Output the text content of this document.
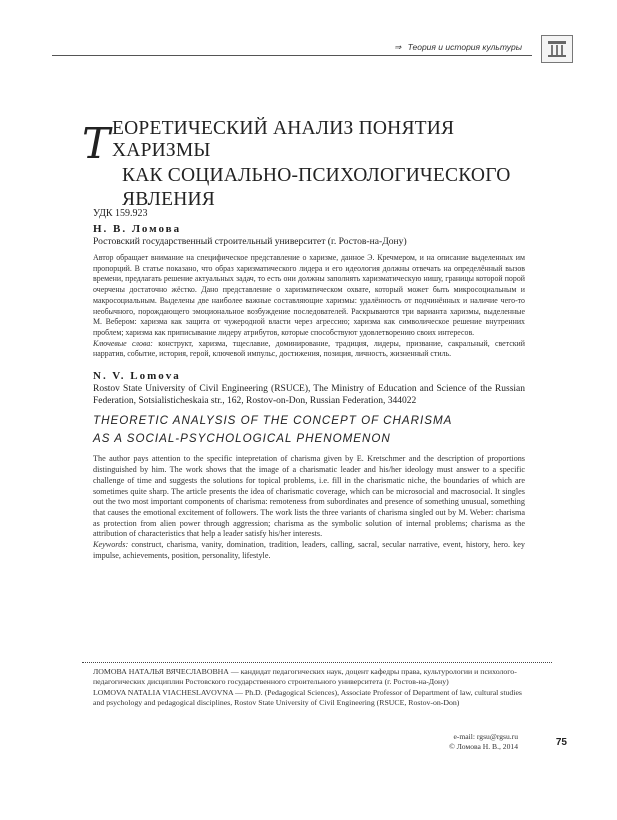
⇒ Теория и история культуры
Т ЕОРЕТИЧЕСКИЙ АНАЛИЗ ПОНЯТИЯ ХАРИЗМЫ
КАК СОЦИАЛЬНО-ПСИХОЛОГИЧЕСКОГО ЯВЛЕНИЯ
УДК 159.923
Н. В. Ломова
Ростовский государственный строительный университет (г. Ростов-на-Дону)
Автор обращает внимание на специфическое представление о харизме, данное Э. Кречмером, и на описание выделенных им пропорций. В статье показано, что образ харизматического лидера и его идеология должны отвечать на определённый вызов времени, предлагать решение актуальных задач, то есть они должны заполнять харизматическую нишу, границы которой порой очерчены достаточно жёстко. Дано представление о харизматическом охвате, который может быть микросоциальным и макросоциальным. Выделены две наиболее важные составляющие харизмы: удалённость от подчинённых и наличие чего-то необычного, порождающего эмоциональное возбуждение последователей. Раскрываются три варианта харизмы, выделенные М. Вебером: харизма как защита от чужеродной власти через агрессию; харизма как символическое решение внутренних проблем; харизма как приписывание лидеру атрибутов, которые способствуют удовлетворению своих интересов.
Ключевые слова: конструкт, харизма, тщеславие, доминирование, традиция, лидеры, призвание, сакральный, светский нарратив, событие, история, герой, ключевой импульс, достижения, позиция, личность, жизненный стиль.
N. V. Lomova
Rostov State University of Civil Engineering (RSUCE), The Ministry of Education and Science of the Russian Federation, Sotsialisticheskaia str., 162, Rostov-on-Don, Russian Federation, 344022
THEORETIC ANALYSIS OF THE CONCEPT OF CHARISMA
AS A SOCIAL-PSYCHOLOGICAL PHENOMENON
The author pays attention to the specific intepretation of charisma given by E. Kretschmer and the description of proportions distinguished by him. The work shows that the image of a charismatic leader and his/her ideology must answer to a specific challenge of time and suggests the solutions for topical problems, i.e. fill in the charismatic niche, the boundaries of which are sometimes quite sharp. The article presents the idea of charismatic coverage, which can be microsocial and macrosocial. It singles out the two most important components of charisma: remoteness from subordinates and presence of something unusual, something that causes the emotional excitement of followers. The work lists the three variants of charisma singled out by M. Weber: charisma as protection from alien power through aggression; charisma as the symbolic solution of internal problems; charisma as the attribution of characteristics that help a leader satisfy his/her interests.
Keywords: construct, charisma, vanity, domination, tradition, leaders, calling, sacral, secular narrative, event, history, hero. key impulse, achievements, position, personality, lifestyle.
ЛОМОВА НАТАЛЬЯ ВЯЧЕСЛАВОВНА — кандидат педагогических наук, доцент кафедры права, культурологии и психолого-педагогических дисциплин Ростовского государственного строительного университета (г. Ростов-на-Дону)
LOMOVA NATALIA VIACHESLAVOVNA — Ph.D. (Pedagogical Sciences), Associate Professor of Department of law, cultural studies and psychology and pedagogical disciplines, Rostov State University of Civil Engineering (RSUCE, Rostov-on-Don)
e-mail: rgsu@rgsu.ru
© Ломова Н. В., 2014	75
